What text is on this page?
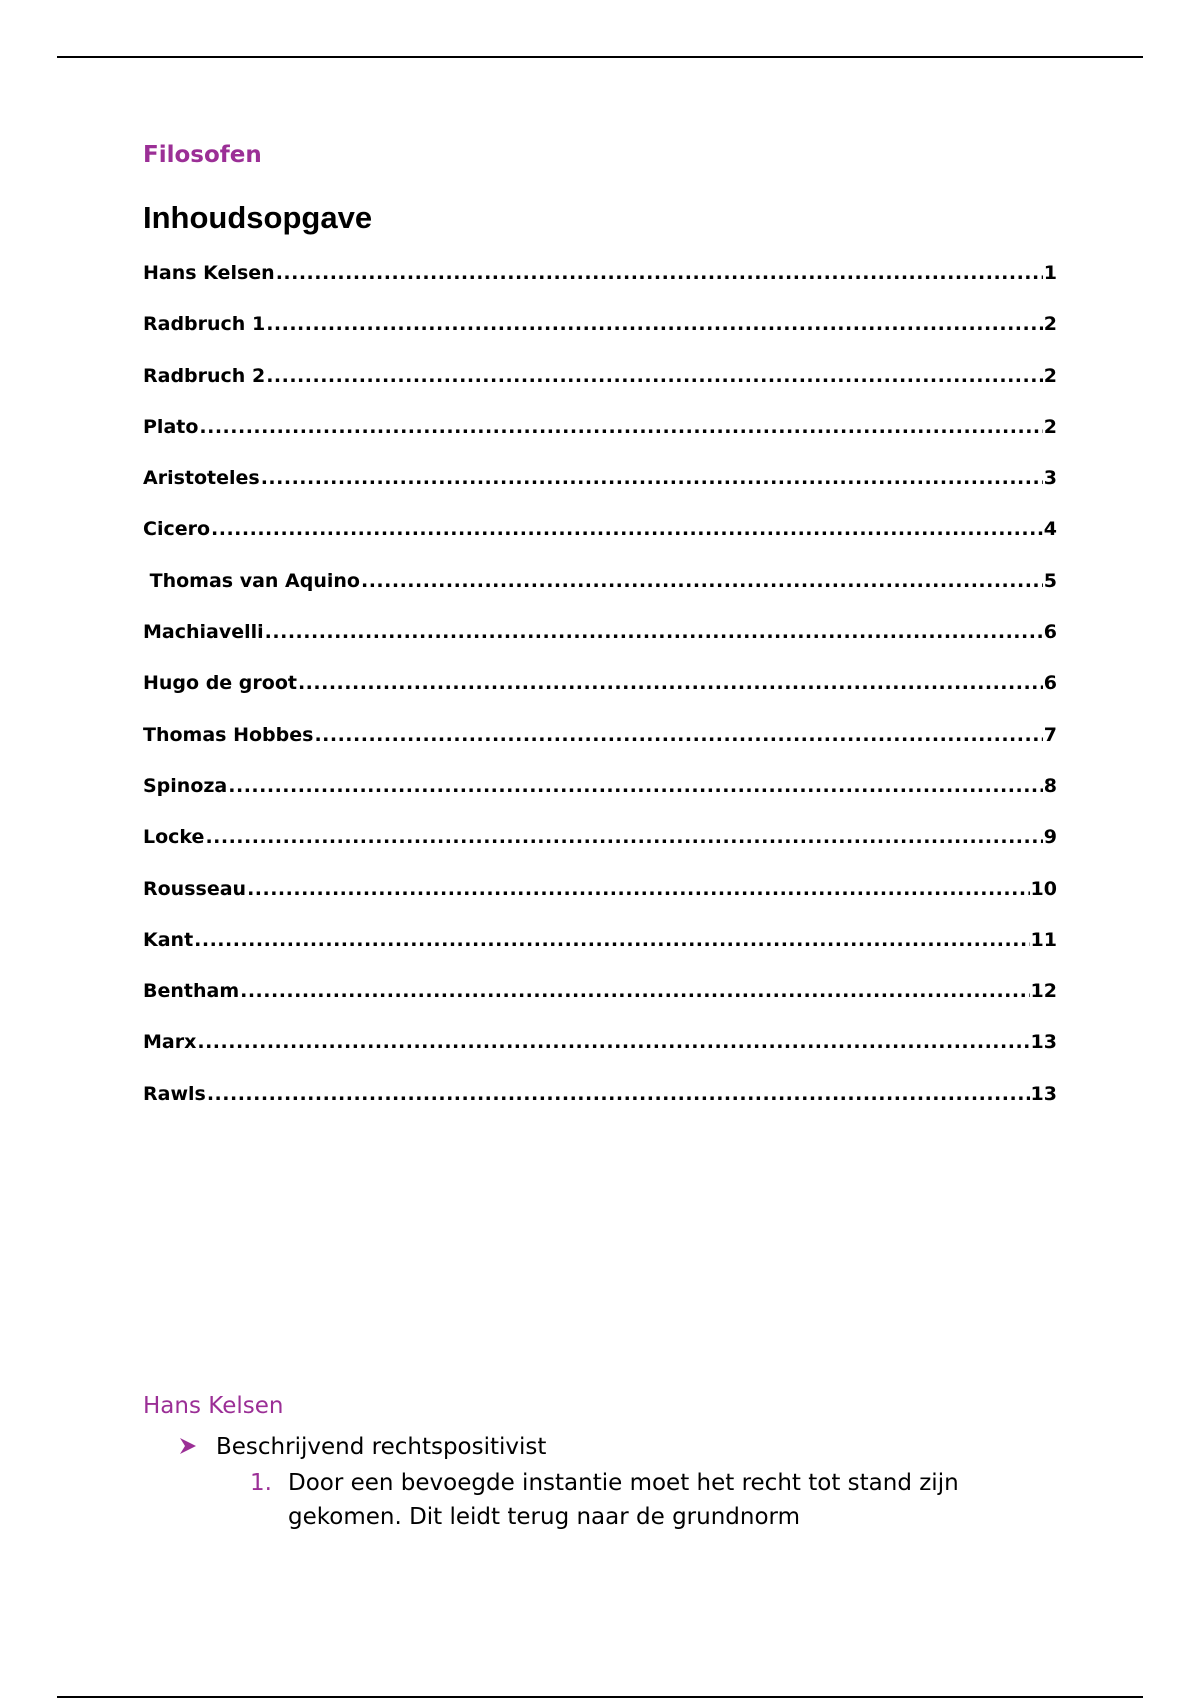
Filosofen
Inhoudsopgave
Hans Kelsen .....	1
Radbruch 1 .....	2
Radbruch 2 .....	2
Plato .....	2
Aristoteles .....	3
Cicero .....	4
Thomas van Aquino .....	5
Machiavelli .....	6
Hugo de groot .....	6
Thomas Hobbes .....	7
Spinoza .....	8
Locke .....	9
Rousseau .....	10
Kant .....	11
Bentham .....	12
Marx .....	13
Rawls .....	13
Hans Kelsen
Beschrijvend rechtspositivist
1. Door een bevoegde instantie moet het recht tot stand zijn gekomen. Dit leidt terug naar de grundnorm
